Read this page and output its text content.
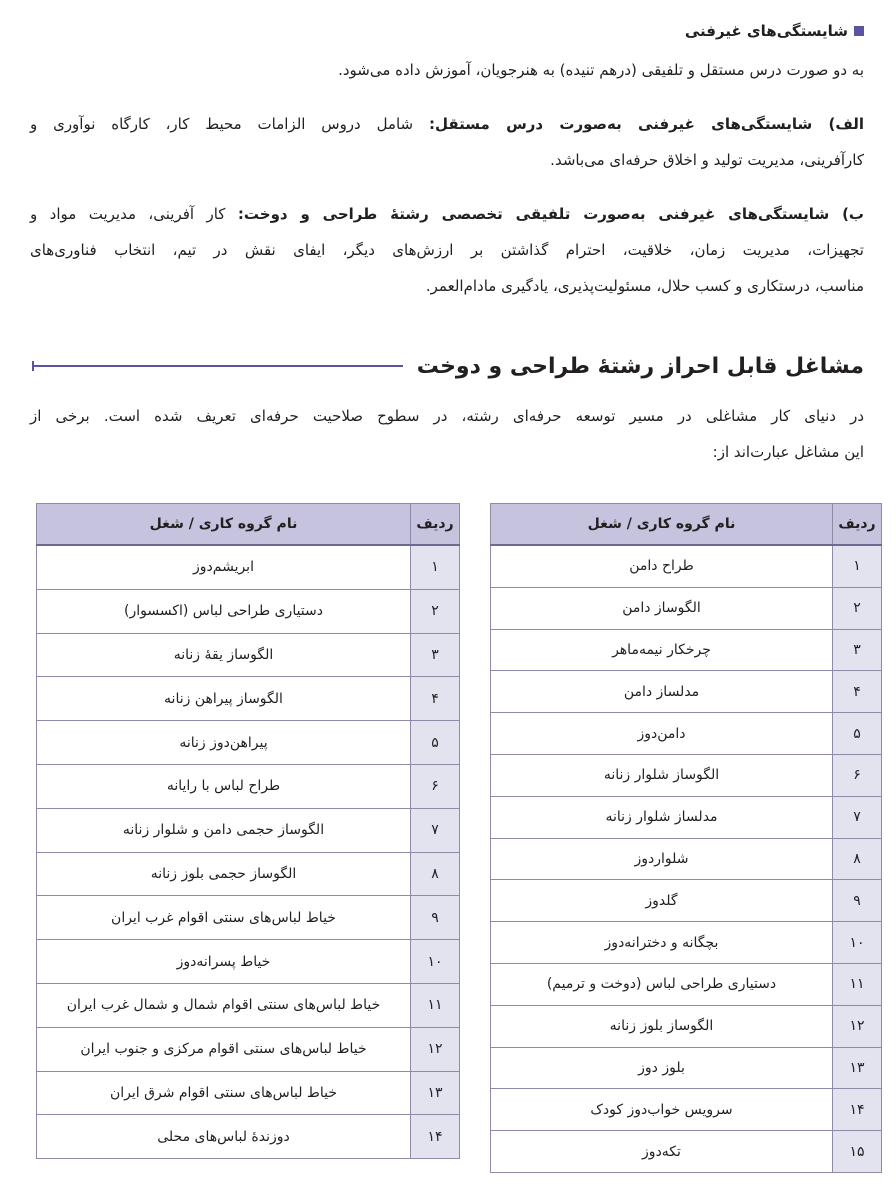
شایستگی‌های غیرفنی

به دو صورت درس مستقل و تلفیقی (درهم تنیده) به هنرجویان، آموزش داده می‌شود.

الف) شایستگی‌های غیرفنی به‌صورت درس مستقل: شامل دروس الزامات محیط کار، کارگاه نوآوری و

کارآفرینی، مدیریت تولید و اخلاق حرفه‌ای می‌باشد.

ب) شایستگی‌های غیرفنی به‌صورت تلفیقی تخصصی رشتهٔ طراحی و دوخت: کار آفرینی، مدیریت مواد و

تجهیزات، مدیریت زمان، خلاقیت، احترام گذاشتن بر ارزش‌های دیگر، ایفای نقش در تیم، انتخاب فناوری‌های

مناسب، درستکاری و کسب حلال، مسئولیت‌پذیری، یادگیری مادام‌العمر.

مشاغل قابل احراز رشتهٔ طراحی و دوخت

در دنیای کار مشاغلی در مسیر توسعه حرفه‌ای رشته، در سطوح صلاحیت حرفه‌ای تعریف شده است. برخی از

این مشاغل عبارت‌اند از:

ردیف	نام گروه کاری / شغل
۱	طراح دامن
۲	الگوساز دامن
۳	چرخکار نیمه‌ماهر
۴	مدلساز دامن
۵	دامن‌دوز
۶	الگوساز شلوار زنانه
۷	مدلساز شلوار زنانه
۸	شلواردوز
۹	گلدوز
۱۰	بچگانه و دخترانه‌دوز
۱۱	دستیاری طراحی لباس (دوخت و ترمیم)
۱۲	الگوساز بلوز زنانه
۱۳	بلوز دوز
۱۴	سرویس خواب‌دوز کودک
۱۵	تکه‌دوز
ردیف	نام گروه کاری / شغل
۱	ابریشم‌دوز
۲	دستیاری طراحی لباس (اکسسوار)
۳	الگوساز یقهٔ زنانه
۴	الگوساز پیراهن زنانه
۵	پیراهن‌دوز زنانه
۶	طراح لباس با رایانه
۷	الگوساز حجمی دامن و شلوار زنانه
۸	الگوساز حجمی بلوز زنانه
۹	خیاط لباس‌های سنتی اقوام غرب ایران
۱۰	خیاط پسرانه‌دوز
۱۱	خیاط لباس‌های سنتی اقوام شمال و شمال غرب ایران
۱۲	خیاط لباس‌های سنتی اقوام مرکزی و جنوب ایران
۱۳	خیاط لباس‌های سنتی اقوام شرق ایران
۱۴	دوزندهٔ لباس‌های محلی
